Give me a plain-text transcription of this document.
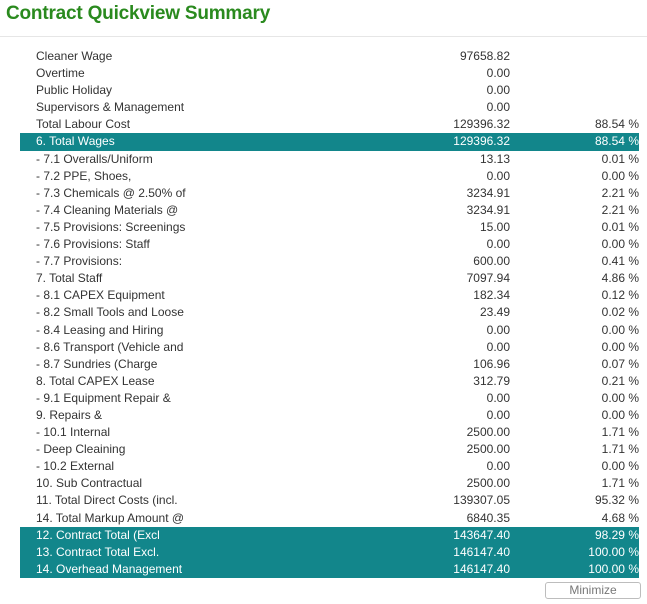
Contract Quickview Summary
Cleaner Wage	97658.82
Overtime	0.00
Public Holiday	0.00
Supervisors & Management	0.00
Total Labour Cost	129396.32	88.54 %
6. Total Wages	129396.32	88.54 %
- 7.1 Overalls/Uniform	13.13	0.01 %
- 7.2 PPE, Shoes,	0.00	0.00 %
- 7.3 Chemicals @ 2.50% of	3234.91	2.21 %
- 7.4 Cleaning Materials @	3234.91	2.21 %
- 7.5 Provisions: Screenings	15.00	0.01 %
- 7.6 Provisions: Staff	0.00	0.00 %
- 7.7 Provisions:	600.00	0.41 %
7. Total Staff	7097.94	4.86 %
- 8.1 CAPEX Equipment	182.34	0.12 %
- 8.2 Small Tools and Loose	23.49	0.02 %
- 8.4 Leasing and Hiring	0.00	0.00 %
- 8.6 Transport (Vehicle and	0.00	0.00 %
- 8.7 Sundries (Charge	106.96	0.07 %
8. Total CAPEX Lease	312.79	0.21 %
- 9.1 Equipment Repair &	0.00	0.00 %
9. Repairs &	0.00	0.00 %
- 10.1 Internal	2500.00	1.71 %
- Deep Cleaining	2500.00	1.71 %
- 10.2 External	0.00	0.00 %
10. Sub Contractual	2500.00	1.71 %
11. Total Direct Costs (incl.	139307.05	95.32 %
14. Total Markup Amount @	6840.35	4.68 %
12. Contract Total (Excl	143647.40	98.29 %
13. Contract Total Excl.	146147.40	100.00 %
14. Overhead Management	146147.40	100.00 %
Minimize
